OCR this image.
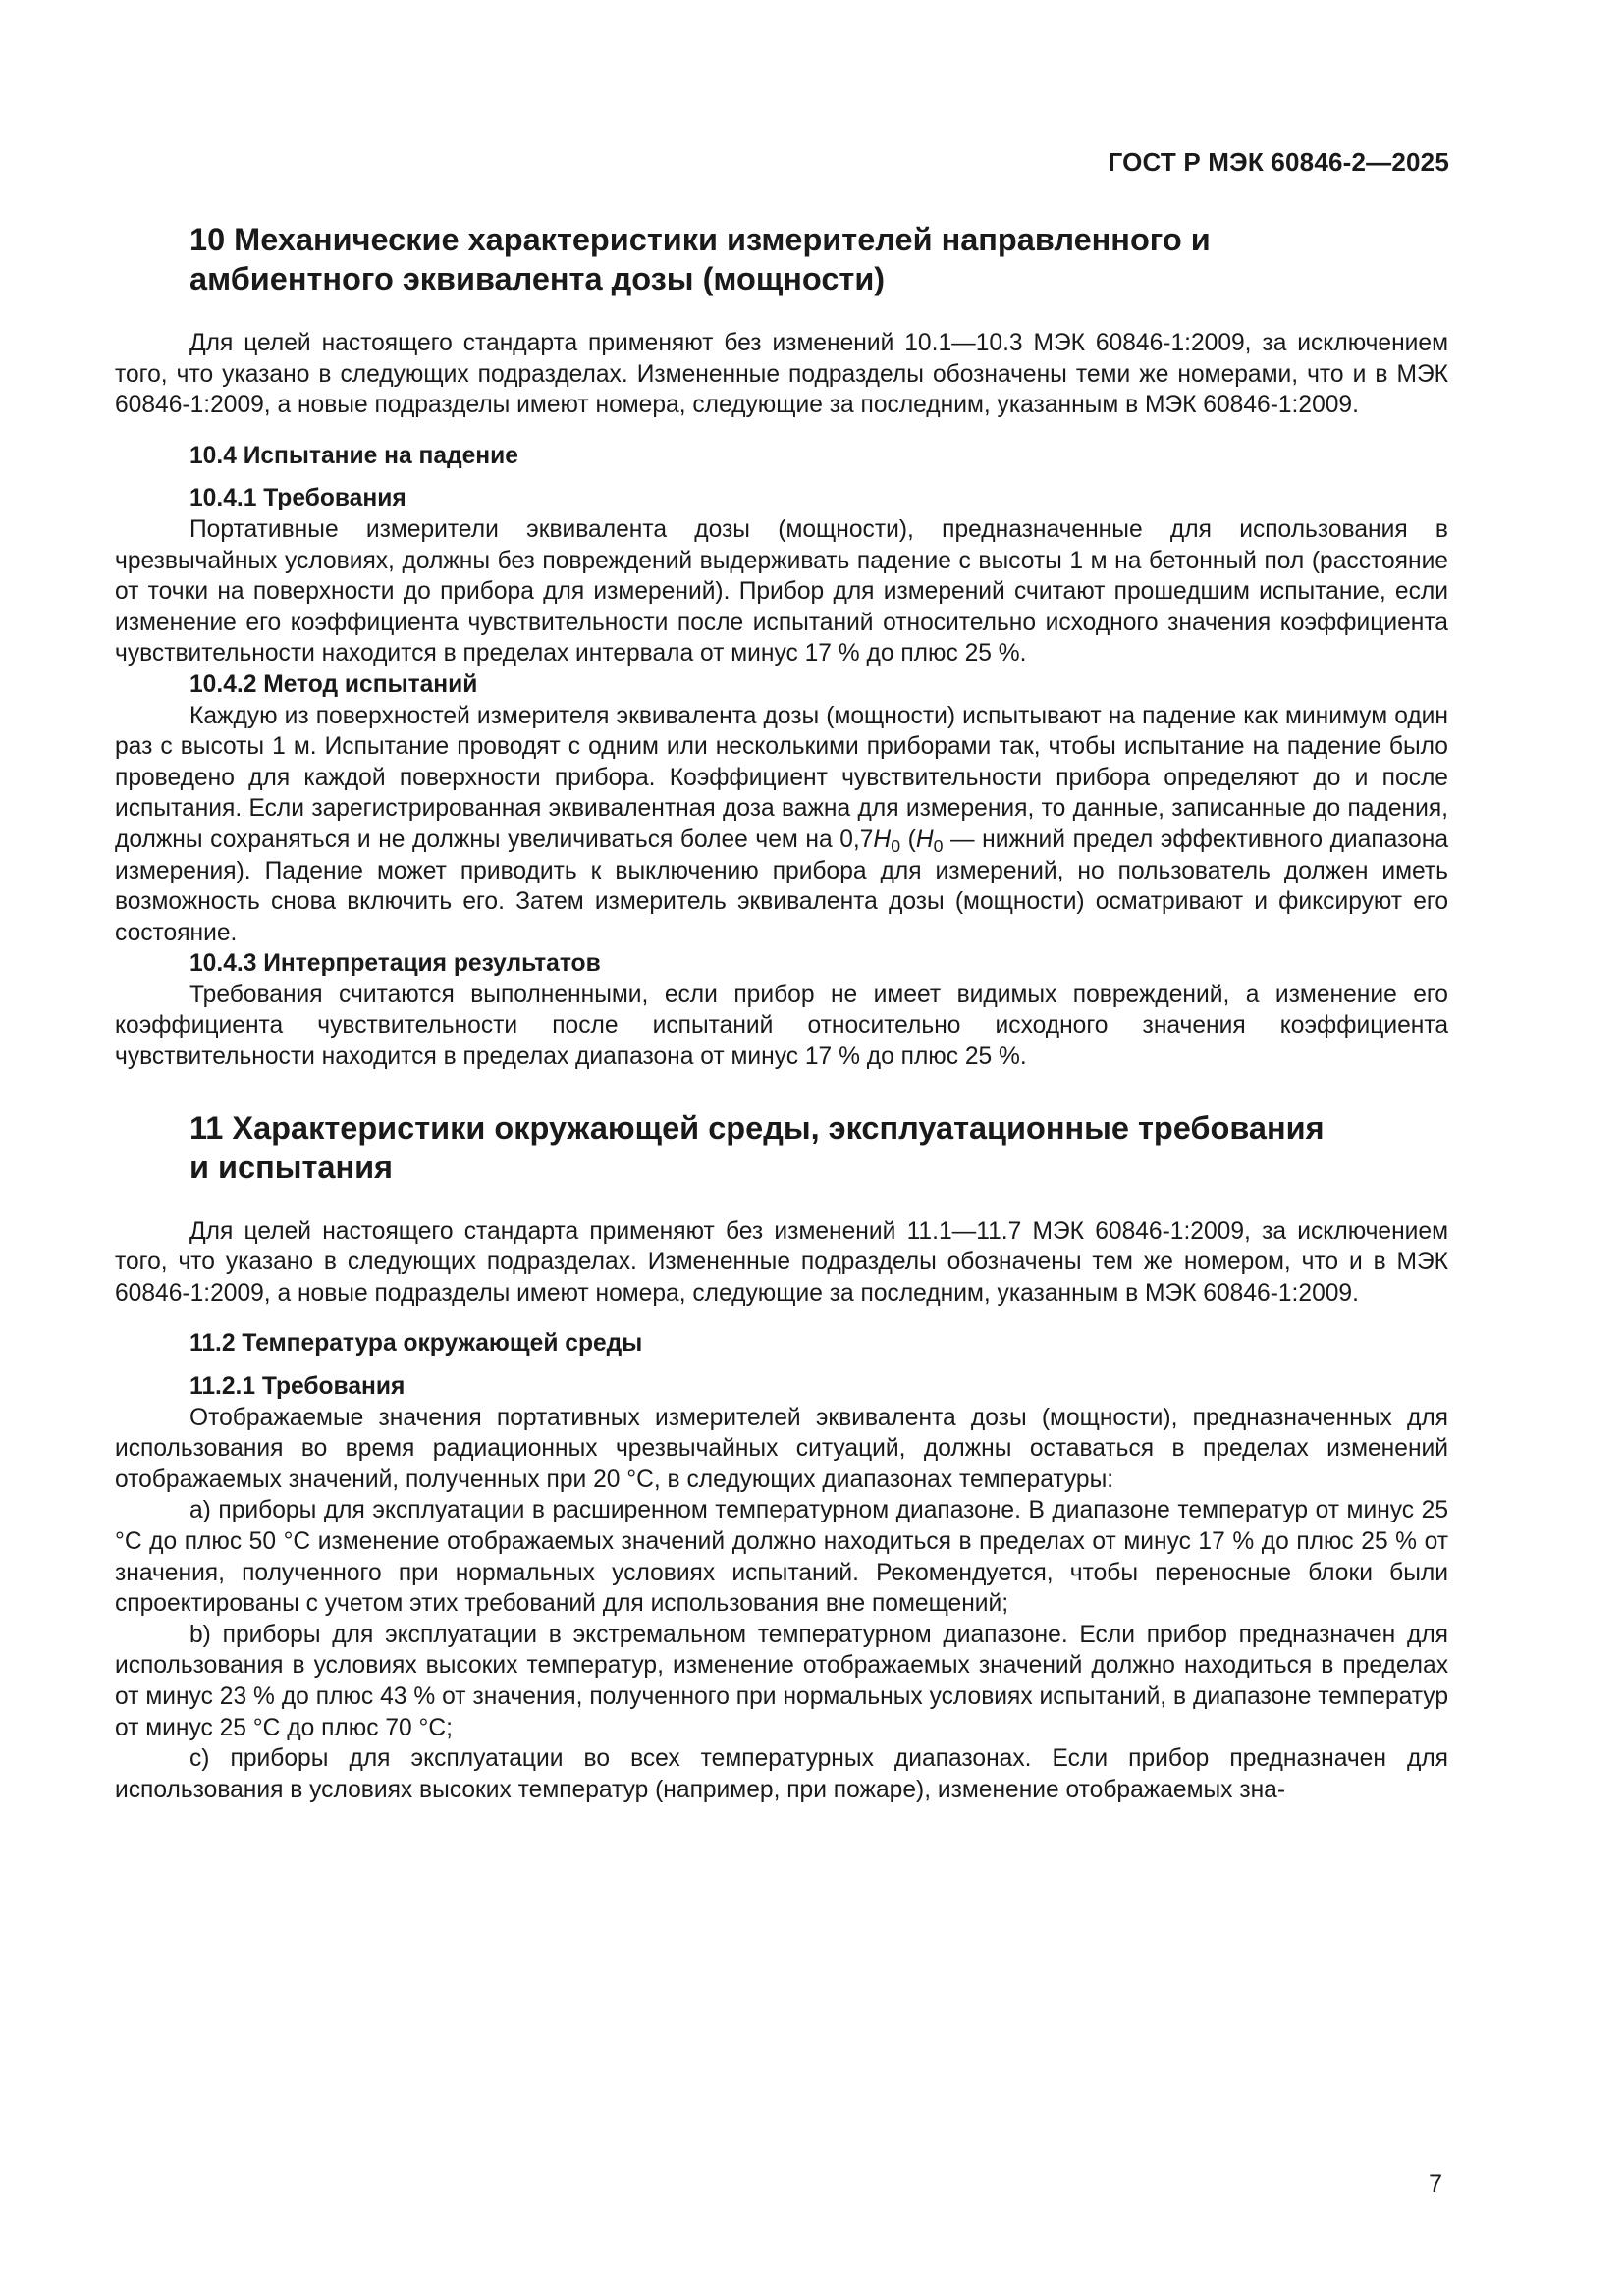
ГОСТ Р МЭК 60846-2—2025
10 Механические характеристики измерителей направленного и
амбиентного эквивалента дозы (мощности)

Для целей настоящего стандарта применяют без изменений 10.1—10.3 МЭК 60846-1:2009, за исключением того, что указано в следующих подразделах. Измененные подразделы обозначены теми же номерами, что и в МЭК 60846-1:2009, а новые подразделы имеют номера, следующие за последним, указанным в МЭК 60846-1:2009.

10.4 Испытание на падение
10.4.1 Требования

Портативные измерители эквивалента дозы (мощности), предназначенные для использования в чрезвычайных условиях, должны без повреждений выдерживать падение с высоты 1 м на бетонный пол (расстояние от точки на поверхности до прибора для измерений). Прибор для измерений считают прошедшим испытание, если изменение его коэффициента чувствительности после испытаний относительно исходного значения коэффициента чувствительности находится в пределах интервала от минус 17 % до плюс 25 %.

10.4.2 Метод испытаний

Каждую из поверхностей измерителя эквивалента дозы (мощности) испытывают на падение как минимум один раз с высоты 1 м. Испытание проводят с одним или несколькими приборами так, чтобы испытание на падение было проведено для каждой поверхности прибора. Коэффициент чувствительности прибора определяют до и после испытания. Если зарегистрированная эквивалентная доза важна для измерения, то данные, записанные до падения, должны сохраняться и не должны увеличиваться более чем на $0,7H_0$ ($H_0$ — нижний предел эффективного диапазона измерения). Падение может приводить к выключению прибора для измерений, но пользователь должен иметь возможность снова включить его. Затем измеритель эквивалента дозы (мощности) осматривают и фиксируют его состояние.

10.4.3 Интерпретация результатов

Требования считаются выполненными, если прибор не имеет видимых повреждений, а изменение его коэффициента чувствительности после испытаний относительно исходного значения коэффициента чувствительности находится в пределах диапазона от минус 17 % до плюс 25 %.

11 Характеристики окружающей среды, эксплуатационные требования
и испытания

Для целей настоящего стандарта применяют без изменений 11.1—11.7 МЭК 60846-1:2009, за исключением того, что указано в следующих подразделах. Измененные подразделы обозначены тем же номером, что и в МЭК 60846-1:2009, а новые подразделы имеют номера, следующие за последним, указанным в МЭК 60846-1:2009.

11.2 Температура окружающей среды
11.2.1 Требования

Отображаемые значения портативных измерителей эквивалента дозы (мощности), предназначенных для использования во время радиационных чрезвычайных ситуаций, должны оставаться в пределах изменений отображаемых значений, полученных при 20 °С, в следующих диапазонах температуры:

a) приборы для эксплуатации в расширенном температурном диапазоне. В диапазоне температур от минус 25 °С до плюс 50 °С изменение отображаемых значений должно находиться в пределах от минус 17 % до плюс 25 % от значения, полученного при нормальных условиях испытаний. Рекомендуется, чтобы переносные блоки были спроектированы с учетом этих требований для использования вне помещений;

b) приборы для эксплуатации в экстремальном температурном диапазоне. Если прибор предназначен для использования в условиях высоких температур, изменение отображаемых значений должно находиться в пределах от минус 23 % до плюс 43 % от значения, полученного при нормальных условиях испытаний, в диапазоне температур от минус 25 °С до плюс 70 °С;

c) приборы для эксплуатации во всех температурных диапазонах. Если прибор предназначен для использования в условиях высоких температур (например, при пожаре), изменение отображаемых зна-

7
